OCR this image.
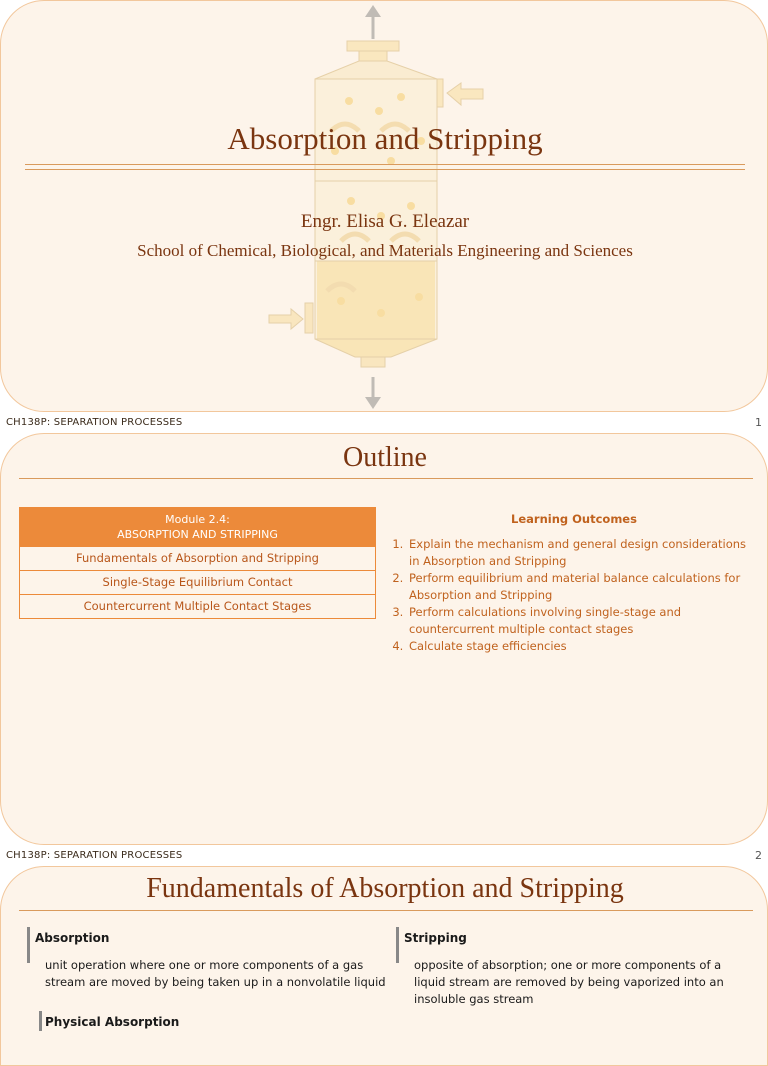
Absorption and Stripping
Engr. Elisa G. Eleazar
School of Chemical, Biological, and Materials Engineering and Sciences
CH138P: SEPARATION PROCESSES	1
Outline
Module 2.4:
ABSORPTION AND STRIPPING
Fundamentals of Absorption and Stripping
Single-Stage Equilibrium Contact
Countercurrent Multiple Contact Stages
Learning Outcomes
1. Explain the mechanism and general design considerations in Absorption and Stripping
2. Perform equilibrium and material balance calculations for Absorption and Stripping
3. Perform calculations involving single-stage and countercurrent multiple contact stages
4. Calculate stage efficiencies
CH138P: SEPARATION PROCESSES	2
Fundamentals of Absorption and Stripping
Absorption
unit operation where one or more components of a gas
stream are moved by being taken up in a nonvolatile liquid
Stripping
opposite of absorption; one or more components of a
liquid stream are removed by being vaporized into an
insoluble gas stream
Physical Absorption
